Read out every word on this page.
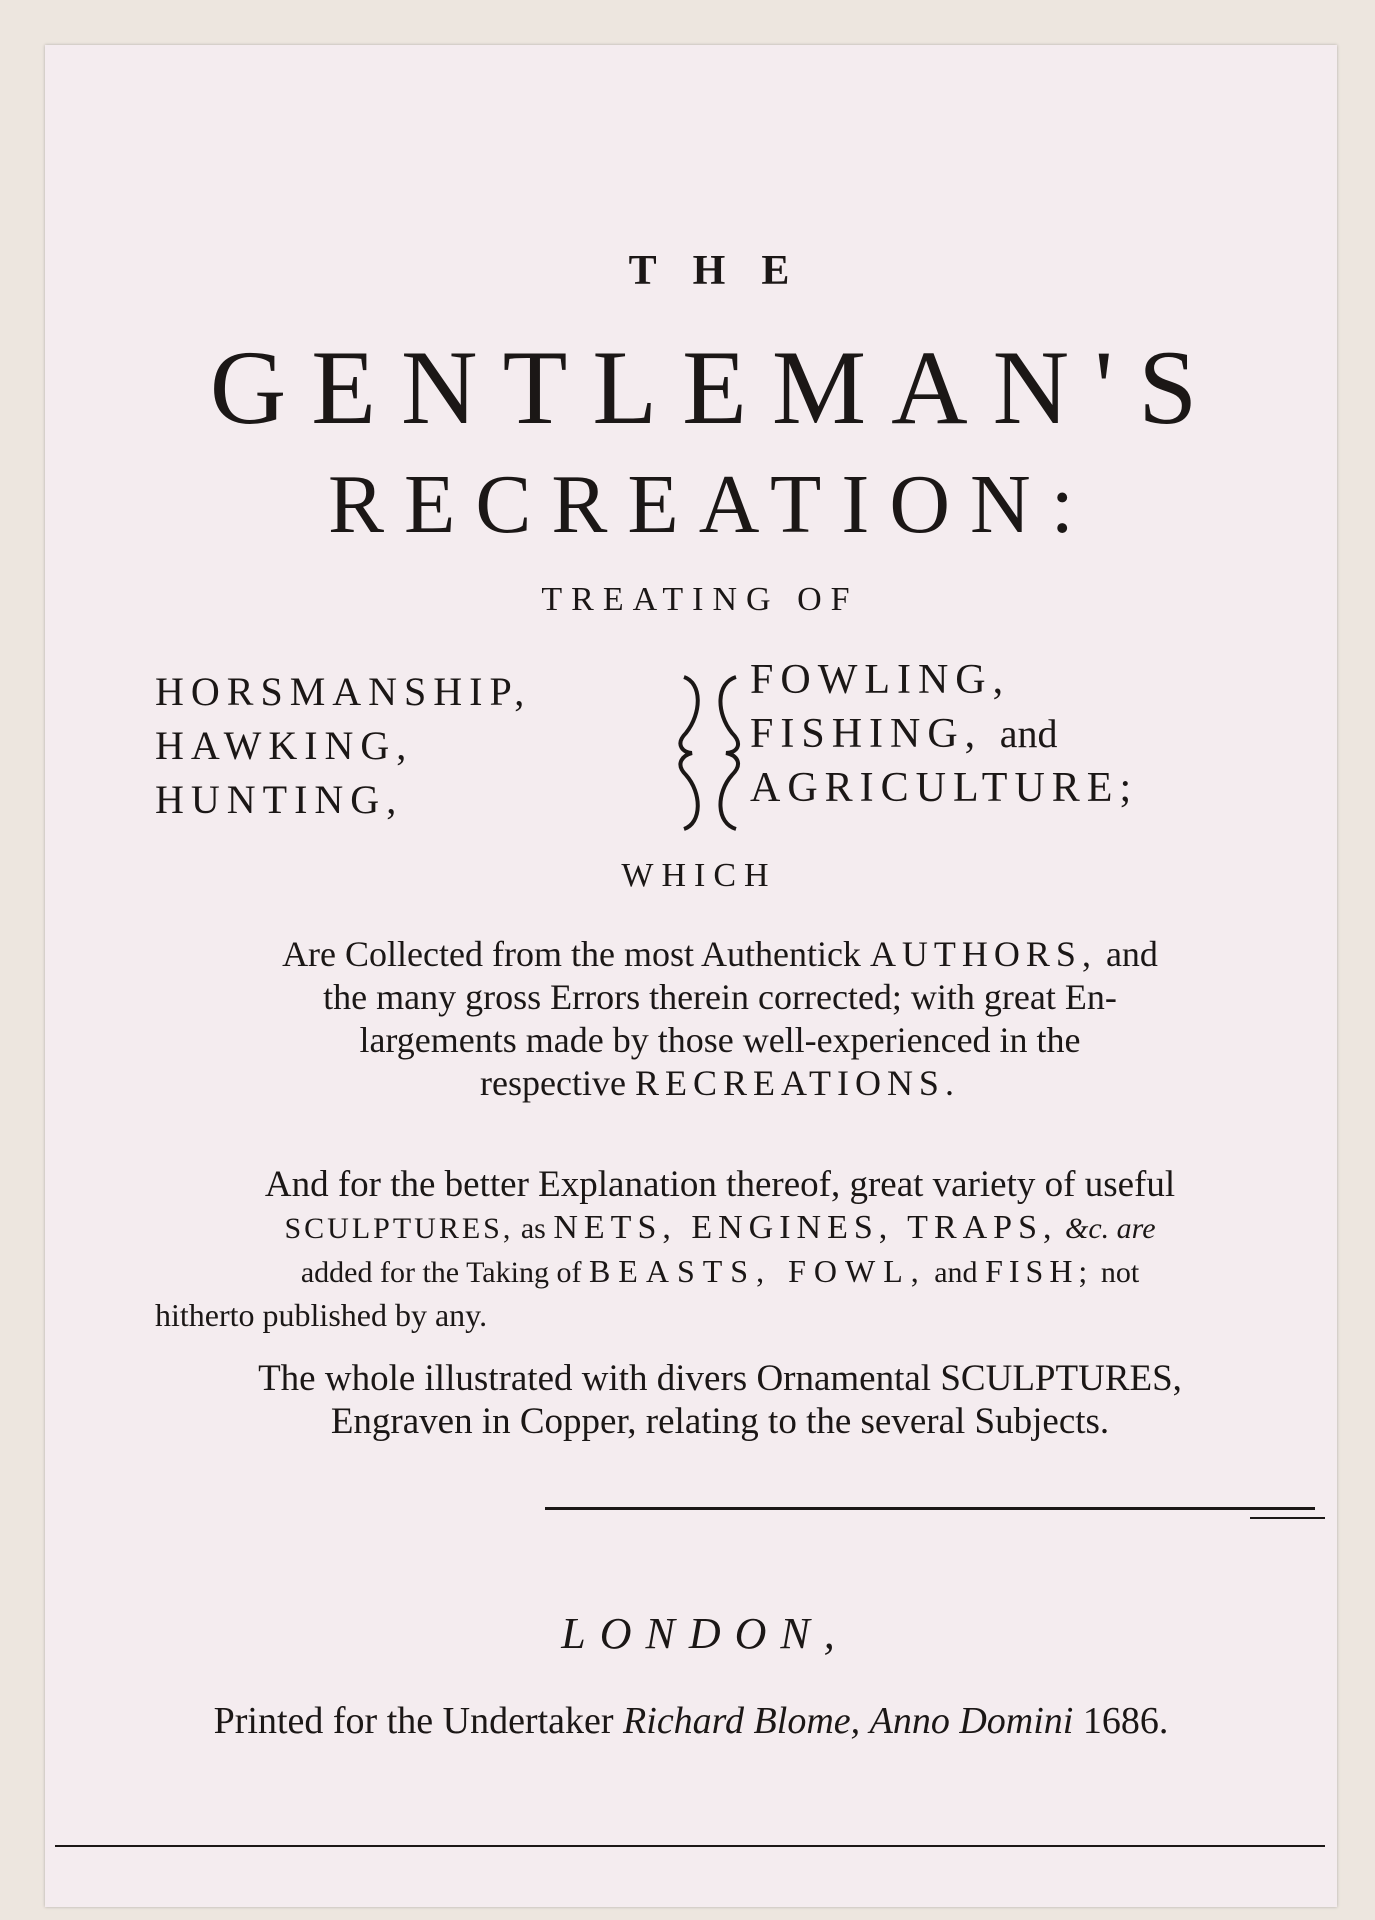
THE
GENTLEMAN'S
RECREATION:
TREATING OF
HORSMANSHIP,
HAWKING,
HUNTING,
FOWLING,
FISHING, and
AGRICULTURE;
WHICH
Are Collected from the most Authentick AUTHORS, and
the many gross Errors therein corrected; with great En-
largements made by those well-experienced in the
respective RECREATIONS.
And for the better Explanation thereof, great variety of useful
SCULPTURES, as NETS, ENGINES, TRAPS, &c. are
added for the Taking of BEASTS, FOWL, and FISH; not
hitherto published by any.
The whole illustrated with divers Ornamental SCULPTURES,
Engraven in Copper, relating to the several Subjects.
LONDON,
Printed for the Undertaker Richard Blome, Anno Domini 1686.
